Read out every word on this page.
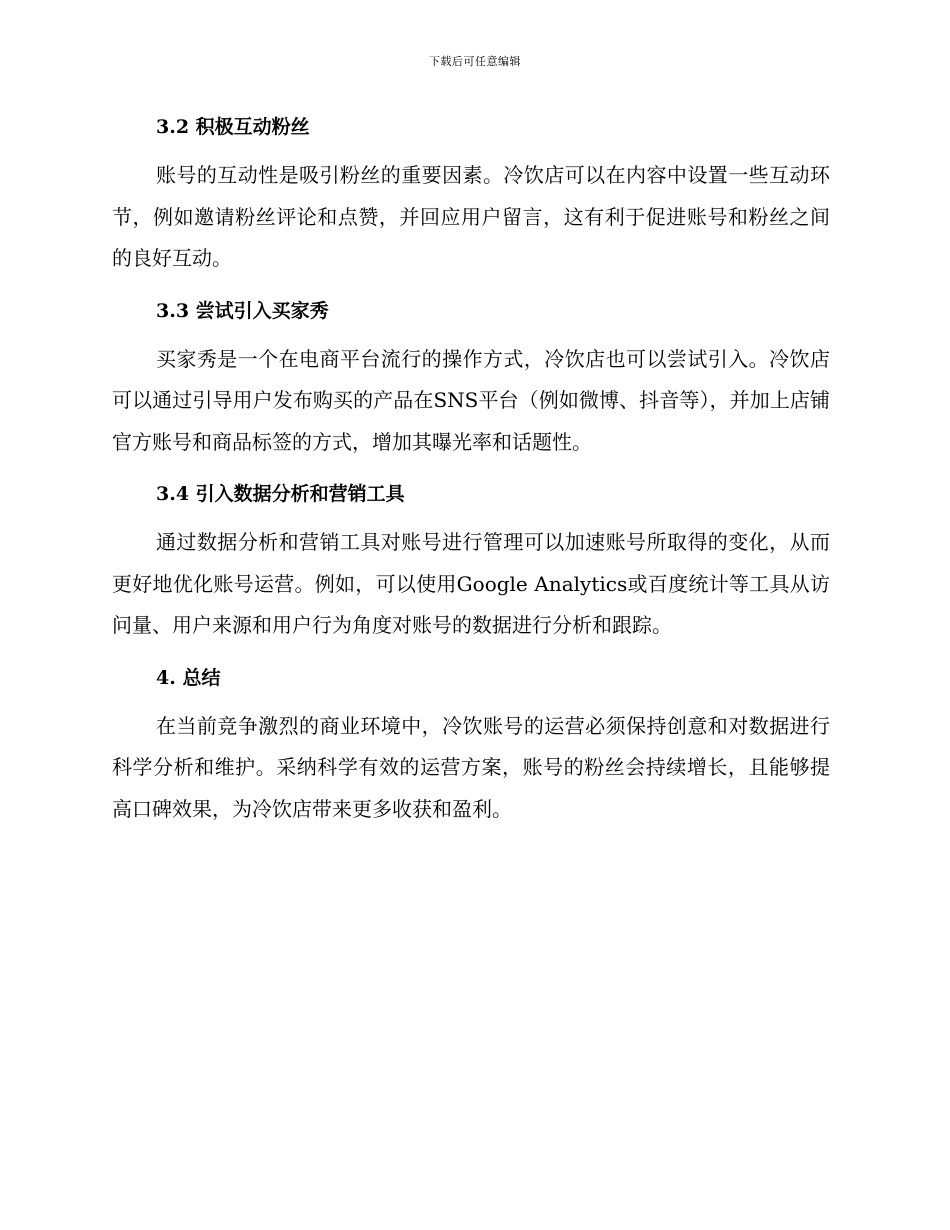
下载后可任意编辑
3.2 积极互动粉丝

账号的互动性是吸引粉丝的重要因素。冷饮店可以在内容中设置一些互动环节，例如邀请粉丝评论和点赞，并回应用户留言，这有利于促进账号和粉丝之间的良好互动。

3.3 尝试引入买家秀

买家秀是一个在电商平台流行的操作方式，冷饮店也可以尝试引入。冷饮店可以通过引导用户发布购买的产品在SNS平台（例如微博、抖音等），并加上店铺官方账号和商品标签的方式，增加其曝光率和话题性。

3.4 引入数据分析和营销工具

通过数据分析和营销工具对账号进行管理可以加速账号所取得的变化，从而更好地优化账号运营。例如，可以使用Google Analytics或百度统计等工具从访问量、用户来源和用户行为角度对账号的数据进行分析和跟踪。

4. 总结

在当前竞争激烈的商业环境中，冷饮账号的运营必须保持创意和对数据进行科学分析和维护。采纳科学有效的运营方案，账号的粉丝会持续增长，且能够提高口碑效果，为冷饮店带来更多收获和盈利。
